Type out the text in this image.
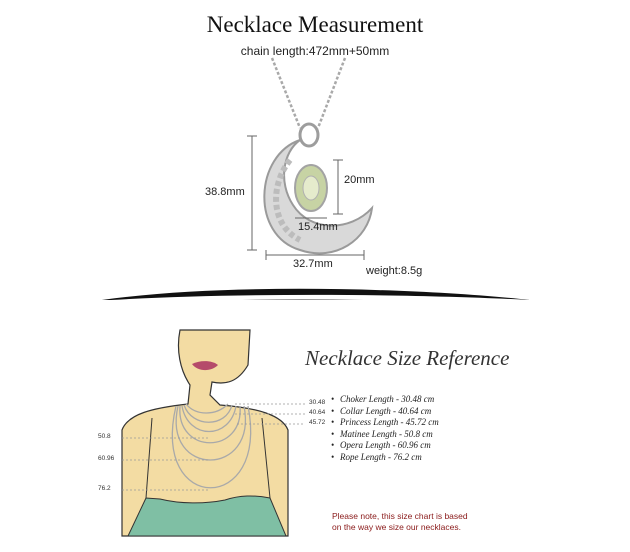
Necklace Measurement
chain length:472mm+50mm
38.8mm
32.7mm
20mm
15.4mm
weight:8.5g
30.48
40.64
45.72
50.8
60.96
76.2
Necklace Size Reference
• Choker Length - 30.48 cm
• Collar Length - 40.64 cm
• Princess Length - 45.72 cm
• Matinee Length - 50.8 cm
• Opera Length - 60.96 cm
• Rope Length - 76.2 cm
Please note, this size chart is based
on the way we size our necklaces.
